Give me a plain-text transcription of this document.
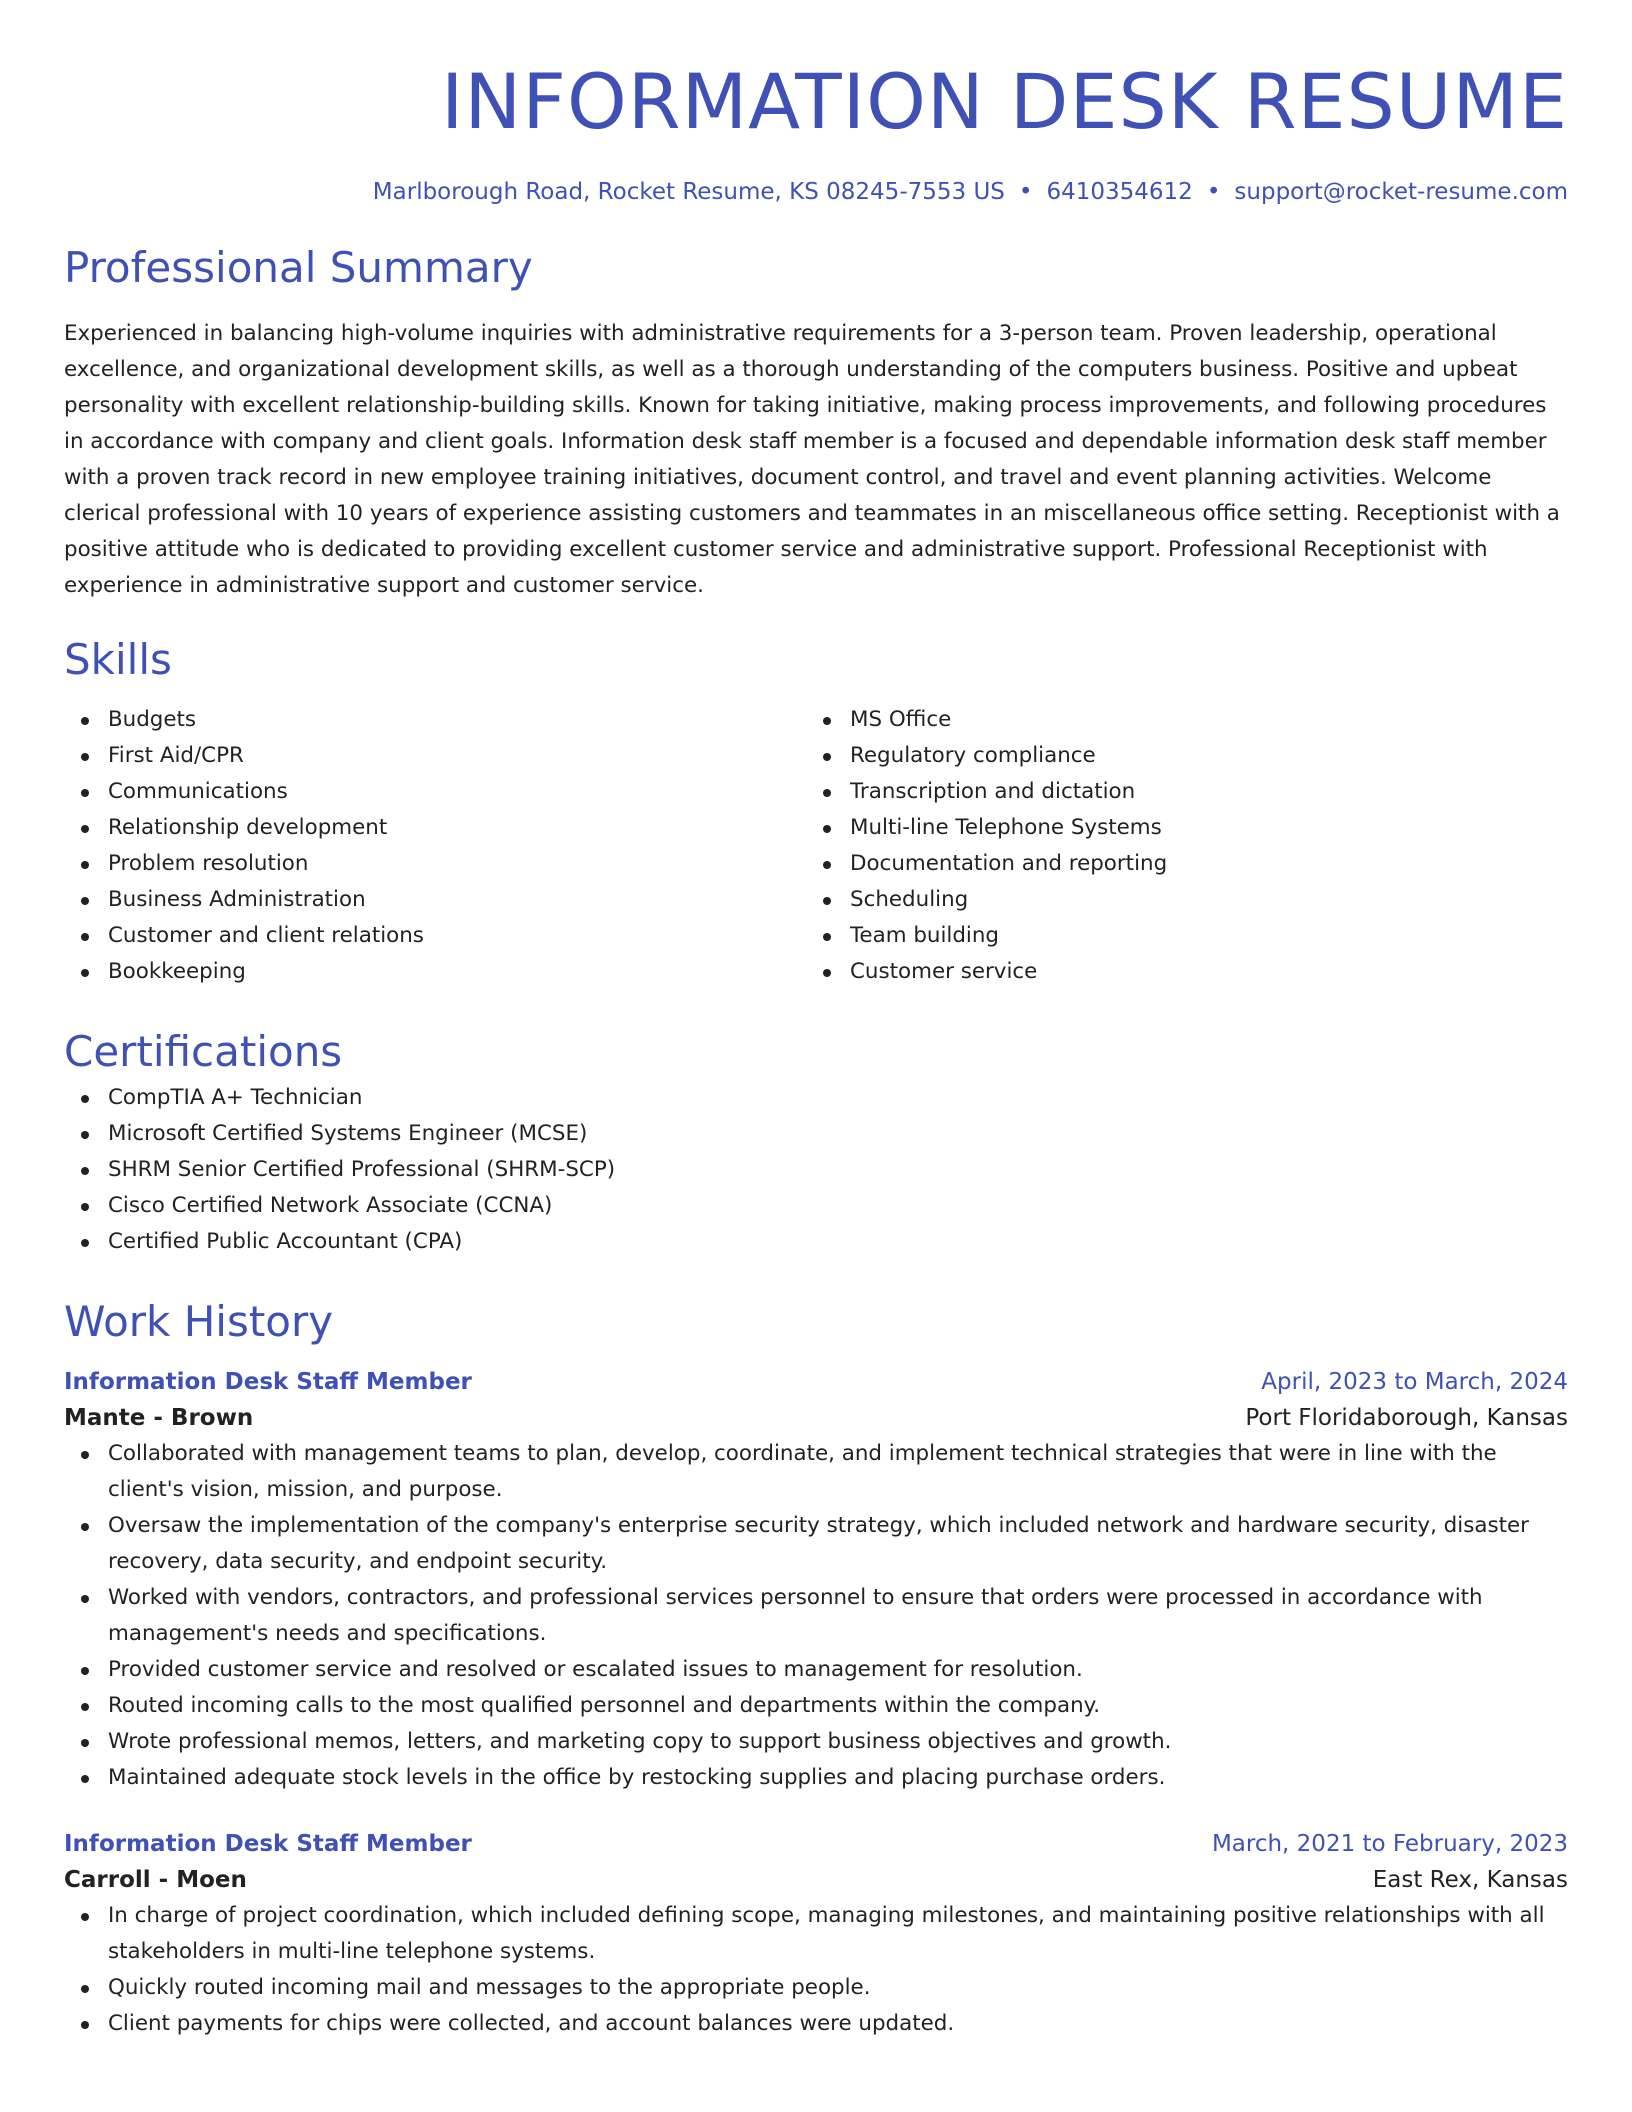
INFORMATION DESK RESUME
Marlborough Road, Rocket Resume, KS 08245-7553 US • 6410354612 • support@rocket-resume.com
Professional Summary

Experienced in balancing high-volume inquiries with administrative requirements for a 3-person team. Proven leadership, operational excellence, and organizational development skills, as well as a thorough understanding of the computers business. Positive and upbeat personality with excellent relationship-building skills. Known for taking initiative, making process improvements, and following procedures in accordance with company and client goals. Information desk staff member is a focused and dependable information desk staff member with a proven track record in new employee training initiatives, document control, and travel and event planning activities. Welcome clerical professional with 10 years of experience assisting customers and teammates in an miscellaneous office setting. Receptionist with a positive attitude who is dedicated to providing excellent customer service and administrative support. Professional Receptionist with experience in administrative support and customer service.

Skills
Budgets
First Aid/CPR
Communications
Relationship development
Problem resolution
Business Administration
Customer and client relations
Bookkeeping
MS Office
Regulatory compliance
Transcription and dictation
Multi-line Telephone Systems
Documentation and reporting
Scheduling
Team building
Customer service
Certifications
CompTIA A+ Technician
Microsoft Certified Systems Engineer (MCSE)
SHRM Senior Certified Professional (SHRM-SCP)
Cisco Certified Network Associate (CCNA)
Certified Public Accountant (CPA)
Work History
Information Desk Staff Member	April, 2023 to March, 2024
Mante - Brown	Port Floridaborough, Kansas
Collaborated with management teams to plan, develop, coordinate, and implement technical strategies that were in line with the client's vision, mission, and purpose.
Oversaw the implementation of the company's enterprise security strategy, which included network and hardware security, disaster recovery, data security, and endpoint security.
Worked with vendors, contractors, and professional services personnel to ensure that orders were processed in accordance with management's needs and specifications.
Provided customer service and resolved or escalated issues to management for resolution.
Routed incoming calls to the most qualified personnel and departments within the company.
Wrote professional memos, letters, and marketing copy to support business objectives and growth.
Maintained adequate stock levels in the office by restocking supplies and placing purchase orders.
Information Desk Staff Member	March, 2021 to February, 2023
Carroll - Moen	East Rex, Kansas
In charge of project coordination, which included defining scope, managing milestones, and maintaining positive relationships with all stakeholders in multi-line telephone systems.
Quickly routed incoming mail and messages to the appropriate people.
Client payments for chips were collected, and account balances were updated.
